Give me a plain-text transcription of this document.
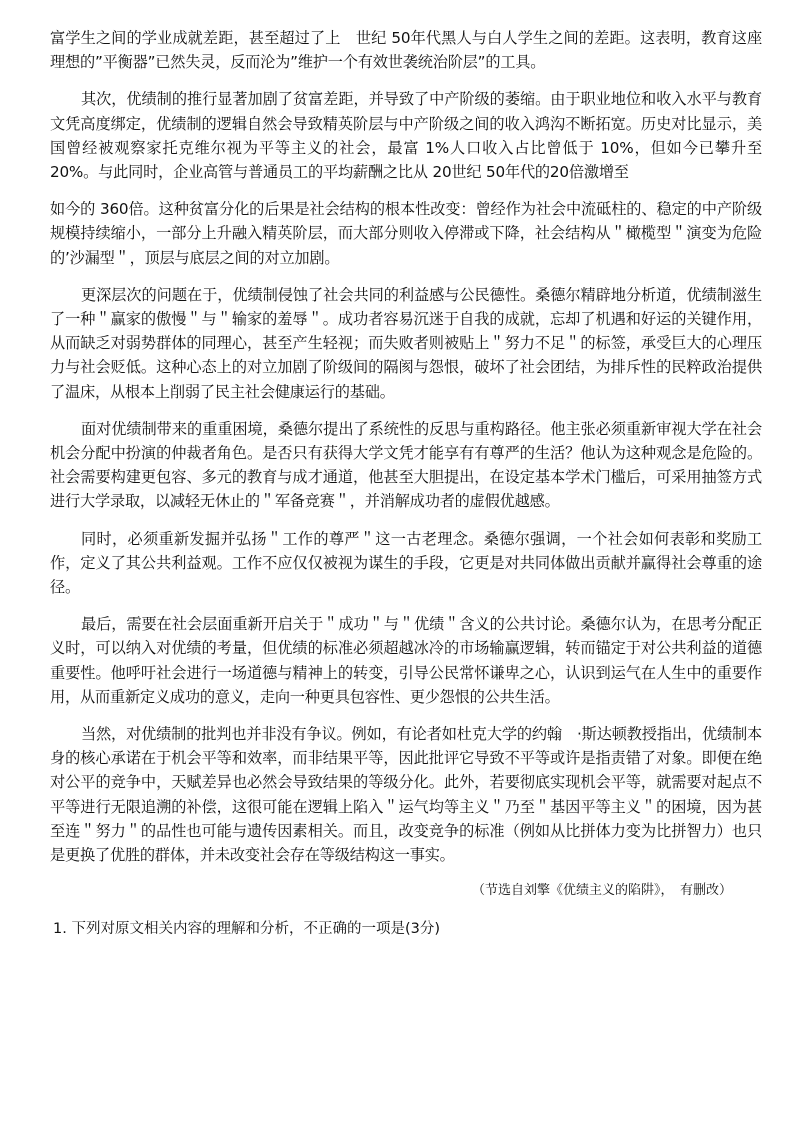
富学生之间的学业成就差距，甚至超过了上　世纪 50年代黑人与白人学生之间的差距。这表明，教育这座理想的”平衡器”已然失灵，反而沦为”维护一个有效世袭统治阶层”的工具。

其次，优绩制的推行显著加剧了贫富差距，并导致了中产阶级的萎缩。由于职业地位和收入水平与教育文凭高度绑定，优绩制的逻辑自然会导致精英阶层与中产阶级之间的收入鸿沟不断拓宽。历史对比显示，美国曾经被观察家托克维尔视为平等主义的社会，最富 1%人口收入占比曾低于 10%，但如今已攀升至 20%。与此同时，企业高管与普通员工的平均薪酬之比从 20世纪 50年代的20倍激增至

如今的 360倍。这种贫富分化的后果是社会结构的根本性改变：曾经作为社会中流砥柱的、稳定的中产阶级规模持续缩小，一部分上升融入精英阶层，而大部分则收入停滞或下降，社会结构从＂橄榄型＂演变为危险的’沙漏型＂，顶层与底层之间的对立加剧。

更深层次的问题在于，优绩制侵蚀了社会共同的利益感与公民德性。桑德尔精辟地分析道，优绩制滋生了一种＂赢家的傲慢＂与＂输家的羞辱＂。成功者容易沉迷于自我的成就，忘却了机遇和好运的关键作用，从而缺乏对弱势群体的同理心，甚至产生轻视；而失败者则被贴上＂努力不足＂的标签，承受巨大的心理压力与社会贬低。这种心态上的对立加剧了阶级间的隔阂与怨恨，破坏了社会团结，为排斥性的民粹政治提供了温床，从根本上削弱了民主社会健康运行的基础。

面对优绩制带来的重重困境，桑德尔提出了系统性的反思与重构路径。他主张必须重新审视大学在社会机会分配中扮演的仲裁者角色。是否只有获得大学文凭才能享有有尊严的生活？他认为这种观念是危险的。社会需要构建更包容、多元的教育与成才通道，他甚至大胆提出，在设定基本学术门槛后，可采用抽签方式进行大学录取，以减轻无休止的＂军备竞赛＂，并消解成功者的虚假优越感。

同时，必须重新发掘并弘扬＂工作的尊严＂这一古老理念。桑德尔强调，一个社会如何表彰和奖励工作，定义了其公共利益观。工作不应仅仅被视为谋生的手段，它更是对共同体做出贡献并赢得社会尊重的途径。

最后，需要在社会层面重新开启关于＂成功＂与＂优绩＂含义的公共讨论。桑德尔认为，在思考分配正义时，可以纳入对优绩的考量，但优绩的标准必须超越冰冷的市场输赢逻辑，转而锚定于对公共利益的道德重要性。他呼吁社会进行一场道德与精神上的转变，引导公民常怀谦卑之心，认识到运气在人生中的重要作用，从而重新定义成功的意义，走向一种更具包容性、更少怨恨的公共生活。

当然，对优绩制的批判也并非没有争议。例如，有论者如杜克大学的约翰　·斯达顿教授指出，优绩制本身的核心承诺在于机会平等和效率，而非结果平等，因此批评它导致不平等或许是指责错了对象。即便在绝对公平的竞争中，天赋差异也必然会导致结果的等级分化。此外，若要彻底实现机会平等，就需要对起点不平等进行无限追溯的补偿，这很可能在逻辑上陷入＂运气均等主义＂乃至＂基因平等主义＂的困境，因为甚至连＂努力＂的品性也可能与遗传因素相关。而且，改变竞争的标准（例如从比拼体力变为比拼智力）也只是更换了优胜的群体，并未改变社会存在等级结构这一事实。

（节选自刘擎《优绩主义的陷阱》，　有删改）

1. 下列对原文相关内容的理解和分析，不正确的一项是(3分)
